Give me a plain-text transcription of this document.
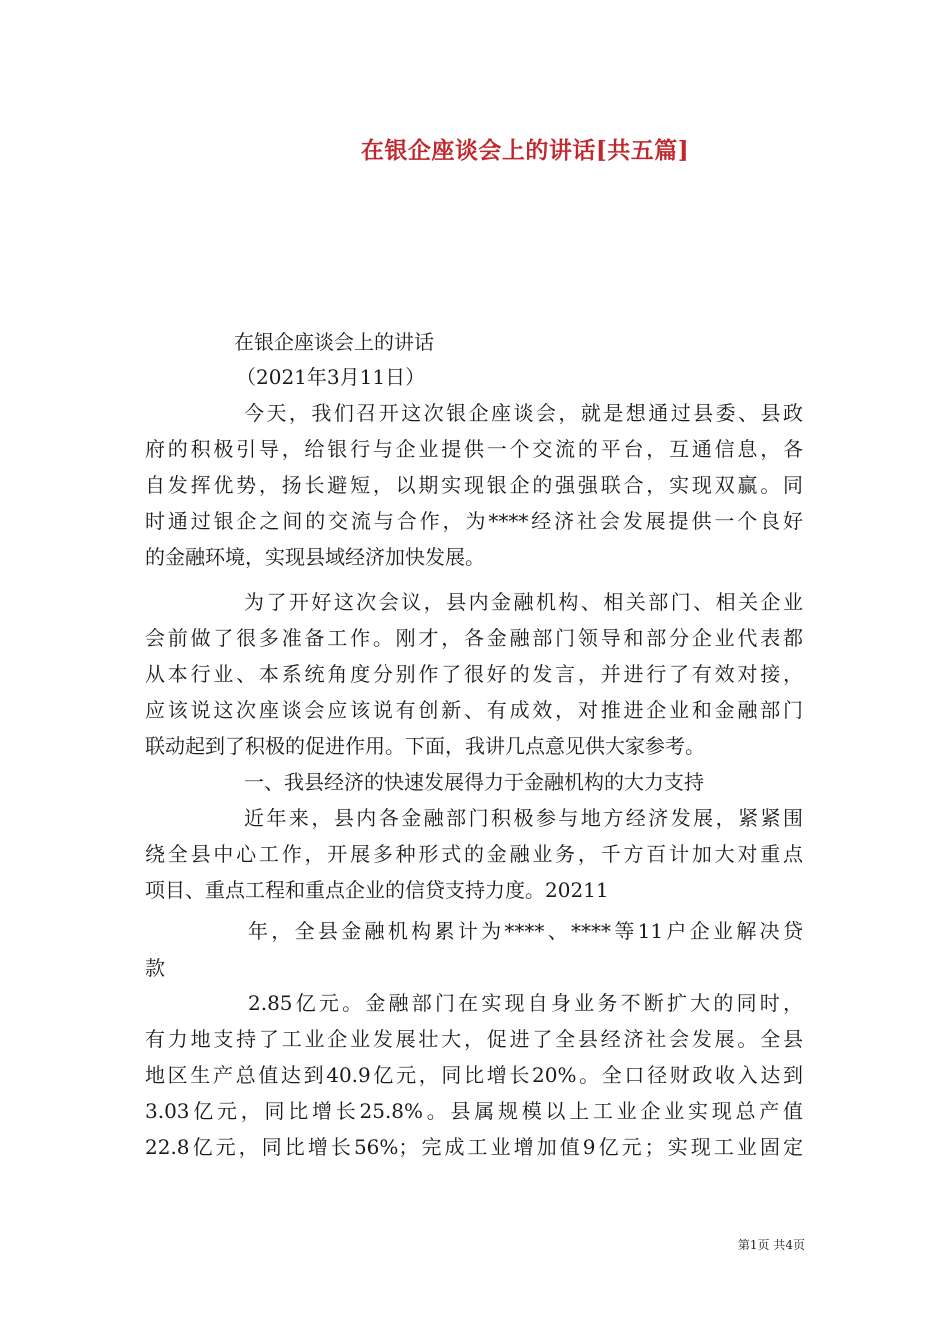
在银企座谈会上的讲话[共五篇]
在银企座谈会上的讲话
（2021年3月11日）
今天，我们召开这次银企座谈会，就是想通过县委、县政
府的积极引导，给银行与企业提供一个交流的平台，互通信息，各
自发挥优势，扬长避短，以期实现银企的强强联合，实现双赢。同
时通过银企之间的交流与合作，为****经济社会发展提供一个良好
的金融环境，实现县域经济加快发展。
为了开好这次会议，县内金融机构、相关部门、相关企业
会前做了很多准备工作。刚才，各金融部门领导和部分企业代表都
从本行业、本系统角度分别作了很好的发言，并进行了有效对接，
应该说这次座谈会应该说有创新、有成效，对推进企业和金融部门
联动起到了积极的促进作用。下面，我讲几点意见供大家参考。
一、我县经济的快速发展得力于金融机构的大力支持
近年来，县内各金融部门积极参与地方经济发展，紧紧围
绕全县中心工作，开展多种形式的金融业务，千方百计加大对重点
项目、重点工程和重点企业的信贷支持力度。20211
年，全县金融机构累计为****、****等11户企业解决贷
款
2.85亿元。金融部门在实现自身业务不断扩大的同时，
有力地支持了工业企业发展壮大，促进了全县经济社会发展。全县
地区生产总值达到40.9亿元，同比增长20%。全口径财政收入达到
3.03亿元，同比增长25.8%。县属规模以上工业企业实现总产值
22.8亿元，同比增长56%；完成工业增加值9亿元；实现工业固定
第1页 共4页
